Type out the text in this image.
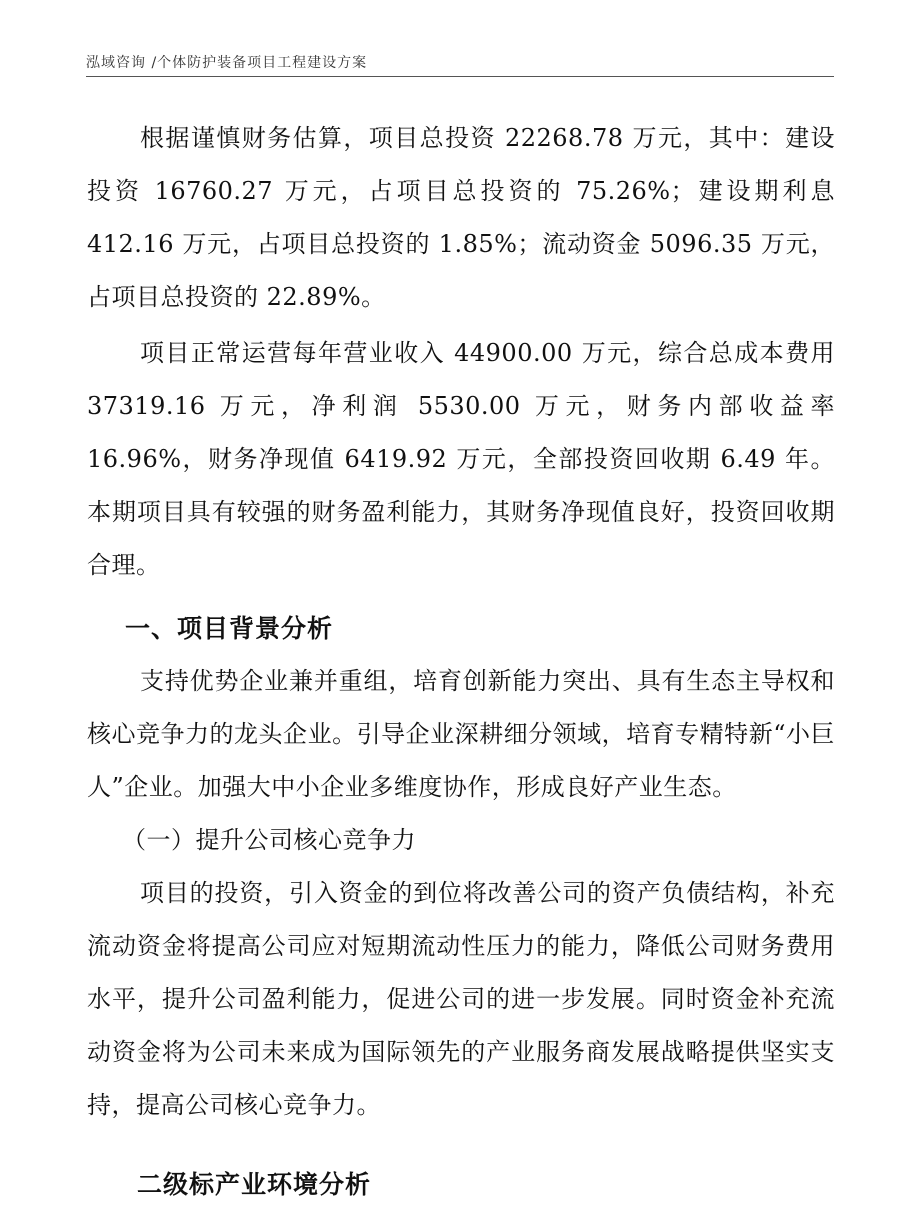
泓域咨询 /个体防护装备项目工程建设方案

根据谨慎财务估算，项目总投资 22268.78 万元，其中：建设投资 16760.27 万元，占项目总投资的 75.26%；建设期利息 412.16 万元，占项目总投资的 1.85%；流动资金 5096.35 万元，占项目总投资的 22.89%。

项目正常运营每年营业收入 44900.00 万元，综合总成本费用 37319.16 万元，净利润 5530.00 万元，财务内部收益率 16.96%，财务净现值 6419.92 万元，全部投资回收期 6.49 年。本期项目具有较强的财务盈利能力，其财务净现值良好，投资回收期合理。

一、项目背景分析

支持优势企业兼并重组，培育创新能力突出、具有生态主导权和核心竞争力的龙头企业。引导企业深耕细分领域，培育专精特新“小巨人”企业。加强大中小企业多维度协作，形成良好产业生态。

（一）提升公司核心竞争力

项目的投资，引入资金的到位将改善公司的资产负债结构，补充流动资金将提高公司应对短期流动性压力的能力，降低公司财务费用水平，提升公司盈利能力，促进公司的进一步发展。同时资金补充流动资金将为公司未来成为国际领先的产业服务商发展战略提供坚实支持，提高公司核心竞争力。

二级标产业环境分析
